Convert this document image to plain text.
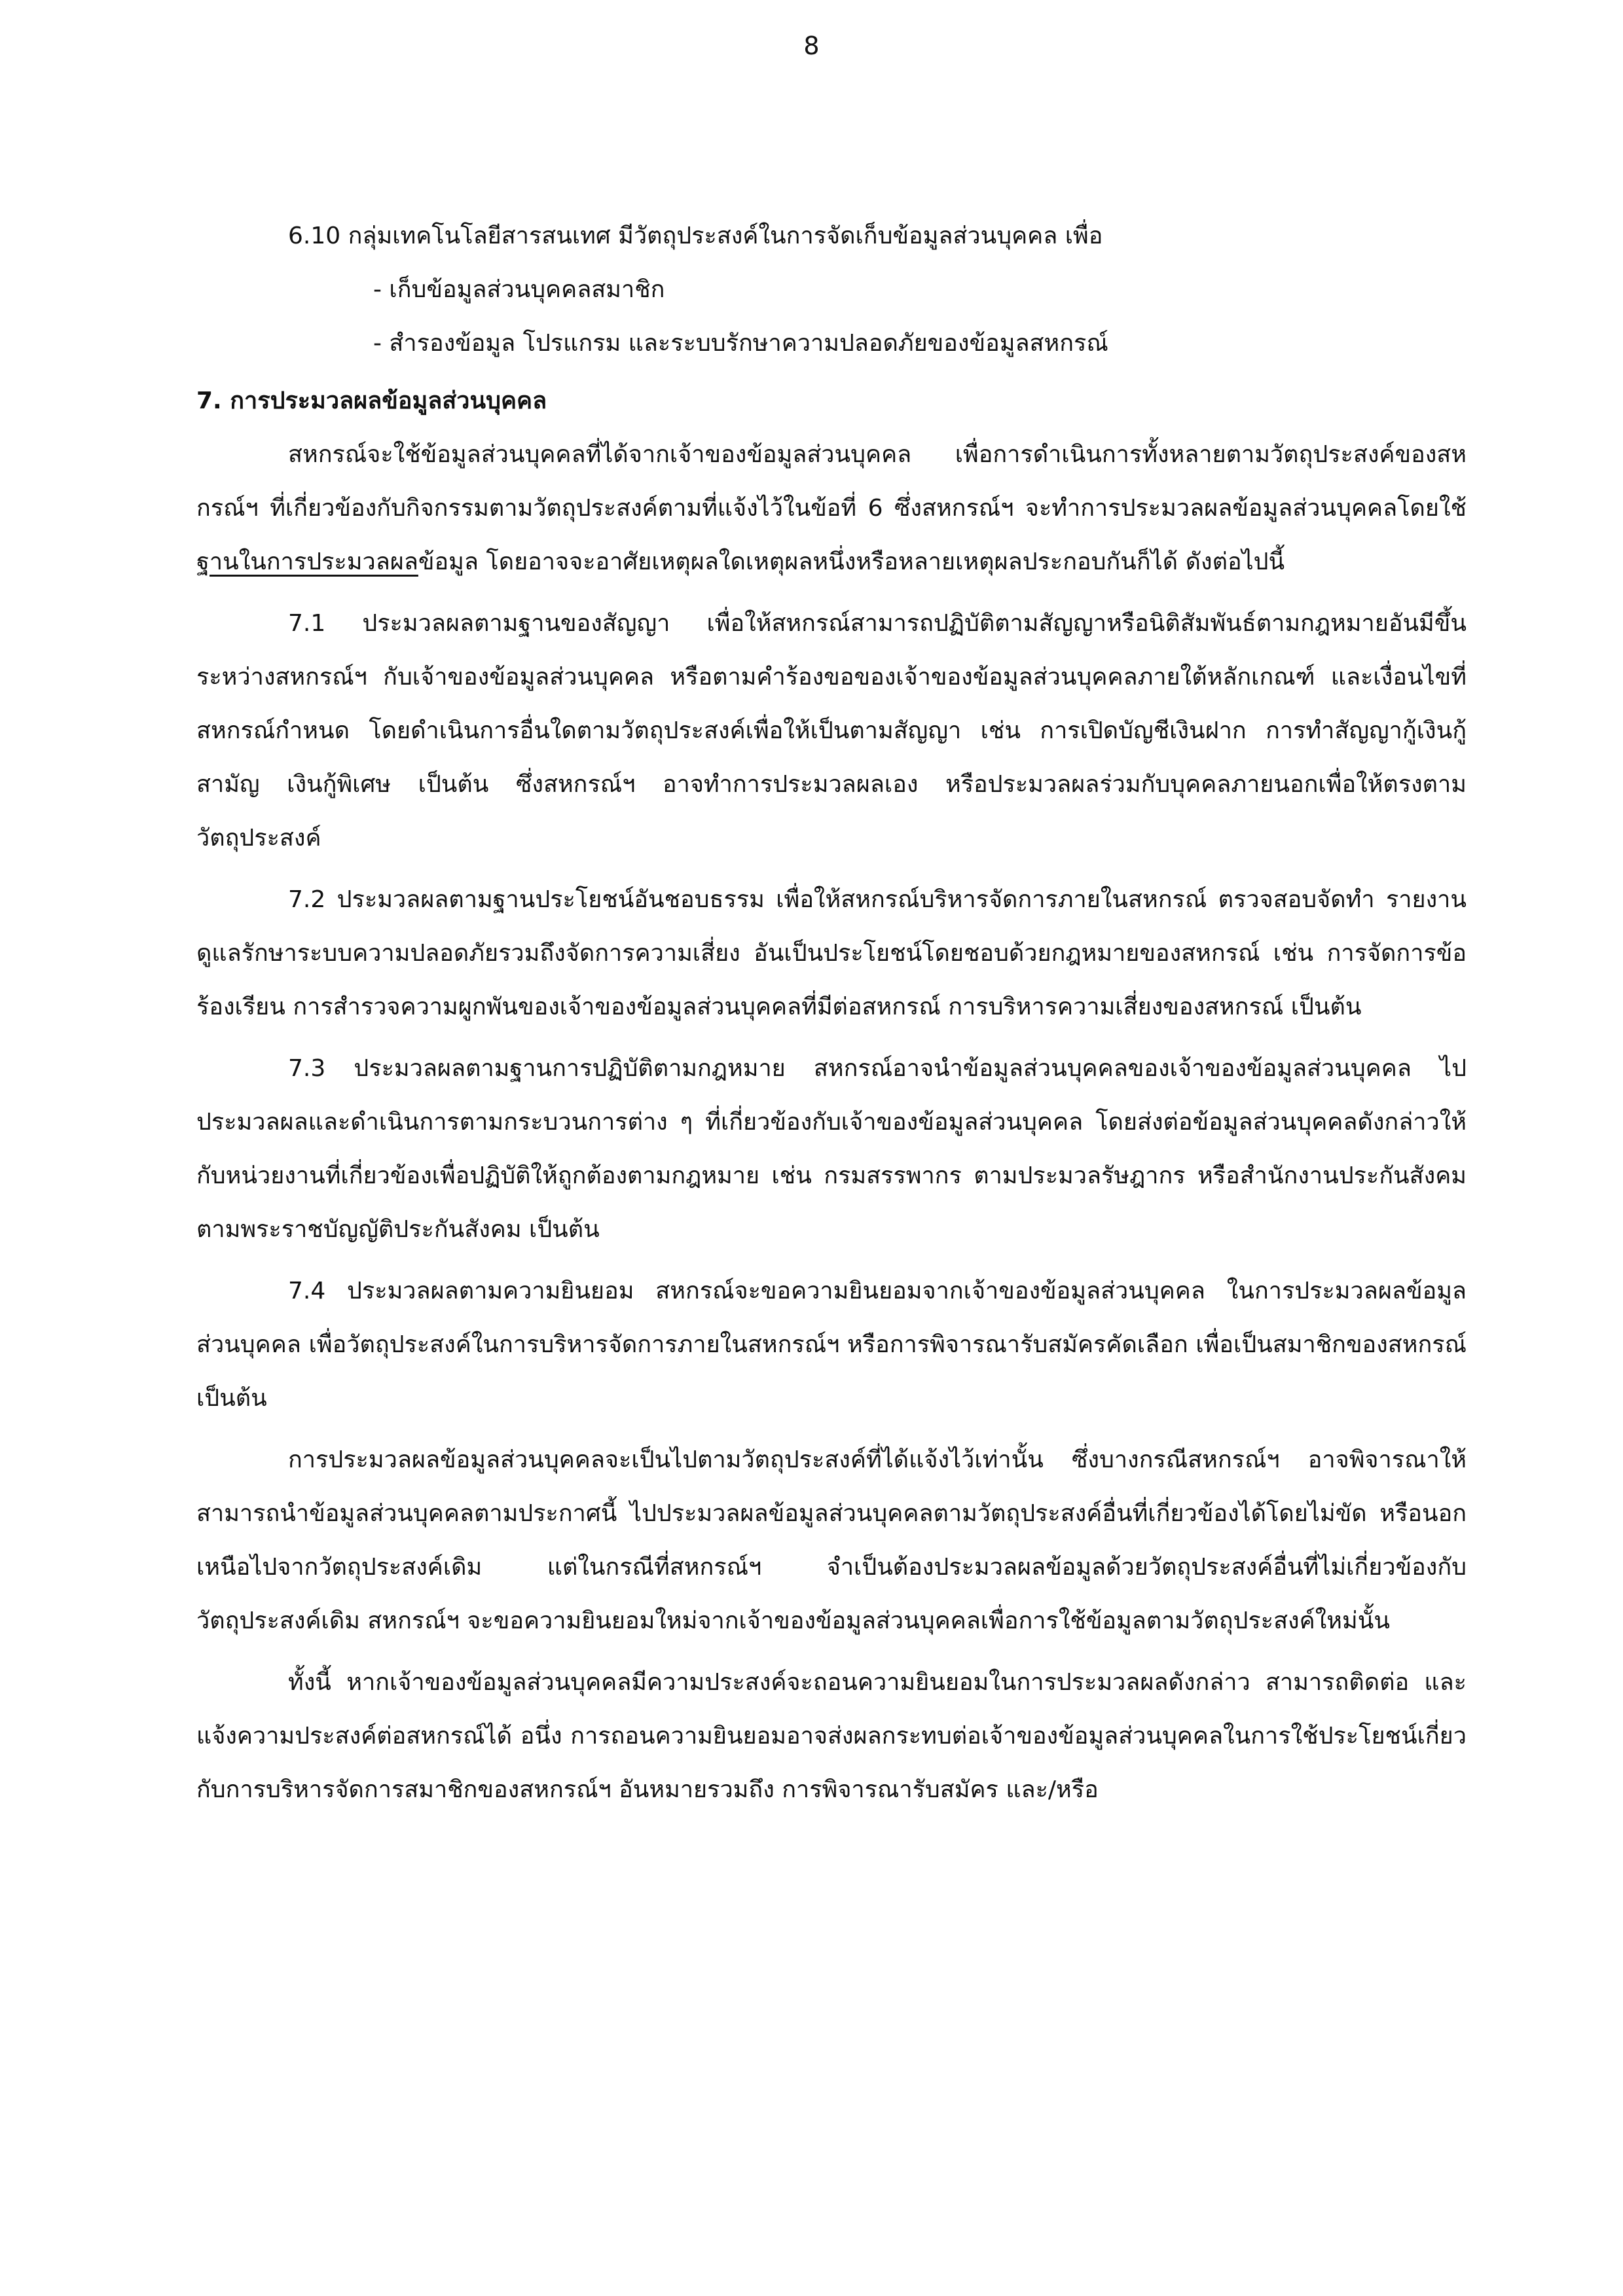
8

6.10 กลุ่มเทคโนโลยีสารสนเทศ มีวัตถุประสงค์ในการจัดเก็บข้อมูลส่วนบุคคล เพื่อ

- เก็บข้อมูลส่วนบุคคลสมาชิก

- สำรองข้อมูล โปรแกรม และระบบรักษาความปลอดภัยของข้อมูลสหกรณ์

7. การประมวลผลข้อมูลส่วนบุคคล

สหกรณ์จะใช้ข้อมูลส่วนบุคคลที่ได้จากเจ้าของข้อมูลส่วนบุคคล เพื่อการดำเนินการทั้งหลายตามวัตถุประสงค์ของสหกรณ์ฯ ที่เกี่ยวข้องกับกิจกรรมตามวัตถุประสงค์ตามที่แจ้งไว้ในข้อที่ 6 ซึ่งสหกรณ์ฯ จะทำการประมวลผลข้อมูลส่วนบุคคลโดยใช้ฐานในการประมวลผลข้อมูล โดยอาจจะอาศัยเหตุผลใดเหตุผลหนึ่งหรือหลายเหตุผลประกอบกันก็ได้ ดังต่อไปนี้

7.1 ประมวลผลตามฐานของสัญญา เพื่อให้สหกรณ์สามารถปฏิบัติตามสัญญาหรือนิติสัมพันธ์ตามกฎหมายอันมีขึ้นระหว่างสหกรณ์ฯ กับเจ้าของข้อมูลส่วนบุคคล หรือตามคำร้องขอของเจ้าของข้อมูลส่วนบุคคลภายใต้หลักเกณฑ์ และเงื่อนไขที่สหกรณ์กำหนด โดยดำเนินการอื่นใดตามวัตถุประสงค์เพื่อให้เป็นตามสัญญา เช่น การเปิดบัญชีเงินฝาก การทำสัญญากู้เงินกู้สามัญ เงินกู้พิเศษ เป็นต้น ซึ่งสหกรณ์ฯ อาจทำการประมวลผลเอง หรือประมวลผลร่วมกับบุคคลภายนอกเพื่อให้ตรงตามวัตถุประสงค์

7.2 ประมวลผลตามฐานประโยชน์อันชอบธรรม เพื่อให้สหกรณ์บริหารจัดการภายในสหกรณ์ ตรวจสอบจัดทำ รายงาน ดูแลรักษาระบบความปลอดภัยรวมถึงจัดการความเสี่ยง อันเป็นประโยชน์โดยชอบด้วยกฎหมายของสหกรณ์ เช่น การจัดการข้อร้องเรียน การสำรวจความผูกพันของเจ้าของข้อมูลส่วนบุคคลที่มีต่อสหกรณ์ การบริหารความเสี่ยงของสหกรณ์ เป็นต้น

7.3 ประมวลผลตามฐานการปฏิบัติตามกฎหมาย สหกรณ์อาจนำข้อมูลส่วนบุคคลของเจ้าของข้อมูลส่วนบุคคล ไปประมวลผลและดำเนินการตามกระบวนการต่าง ๆ ที่เกี่ยวข้องกับเจ้าของข้อมูลส่วนบุคคล โดยส่งต่อข้อมูลส่วนบุคคลดังกล่าวให้กับหน่วยงานที่เกี่ยวข้องเพื่อปฏิบัติให้ถูกต้องตามกฎหมาย เช่น กรมสรรพากร ตามประมวลรัษฎากร หรือสำนักงานประกันสังคม ตามพระราชบัญญัติประกันสังคม เป็นต้น

7.4 ประมวลผลตามความยินยอม สหกรณ์จะขอความยินยอมจากเจ้าของข้อมูลส่วนบุคคล ในการประมวลผลข้อมูลส่วนบุคคล เพื่อวัตถุประสงค์ในการบริหารจัดการภายในสหกรณ์ฯ หรือการพิจารณารับสมัครคัดเลือก เพื่อเป็นสมาชิกของสหกรณ์ เป็นต้น

การประมวลผลข้อมูลส่วนบุคคลจะเป็นไปตามวัตถุประสงค์ที่ได้แจ้งไว้เท่านั้น ซึ่งบางกรณีสหกรณ์ฯ อาจพิจารณาให้สามารถนำข้อมูลส่วนบุคคลตามประกาศนี้ ไปประมวลผลข้อมูลส่วนบุคคลตามวัตถุประสงค์อื่นที่เกี่ยวข้องได้โดยไม่ขัด หรือนอกเหนือไปจากวัตถุประสงค์เดิม แต่ในกรณีที่สหกรณ์ฯ จำเป็นต้องประมวลผลข้อมูลด้วยวัตถุประสงค์อื่นที่ไม่เกี่ยวข้องกับวัตถุประสงค์เดิม สหกรณ์ฯ จะขอความยินยอมใหม่จากเจ้าของข้อมูลส่วนบุคคลเพื่อการใช้ข้อมูลตามวัตถุประสงค์ใหม่นั้น

ทั้งนี้ หากเจ้าของข้อมูลส่วนบุคคลมีความประสงค์จะถอนความยินยอมในการประมวลผลดังกล่าว สามารถติดต่อ และแจ้งความประสงค์ต่อสหกรณ์ได้ อนึ่ง การถอนความยินยอมอาจส่งผลกระทบต่อเจ้าของข้อมูลส่วนบุคคลในการใช้ประโยชน์เกี่ยวกับการบริหารจัดการสมาชิกของสหกรณ์ฯ อันหมายรวมถึง การพิจารณารับสมัคร และ/หรือ
